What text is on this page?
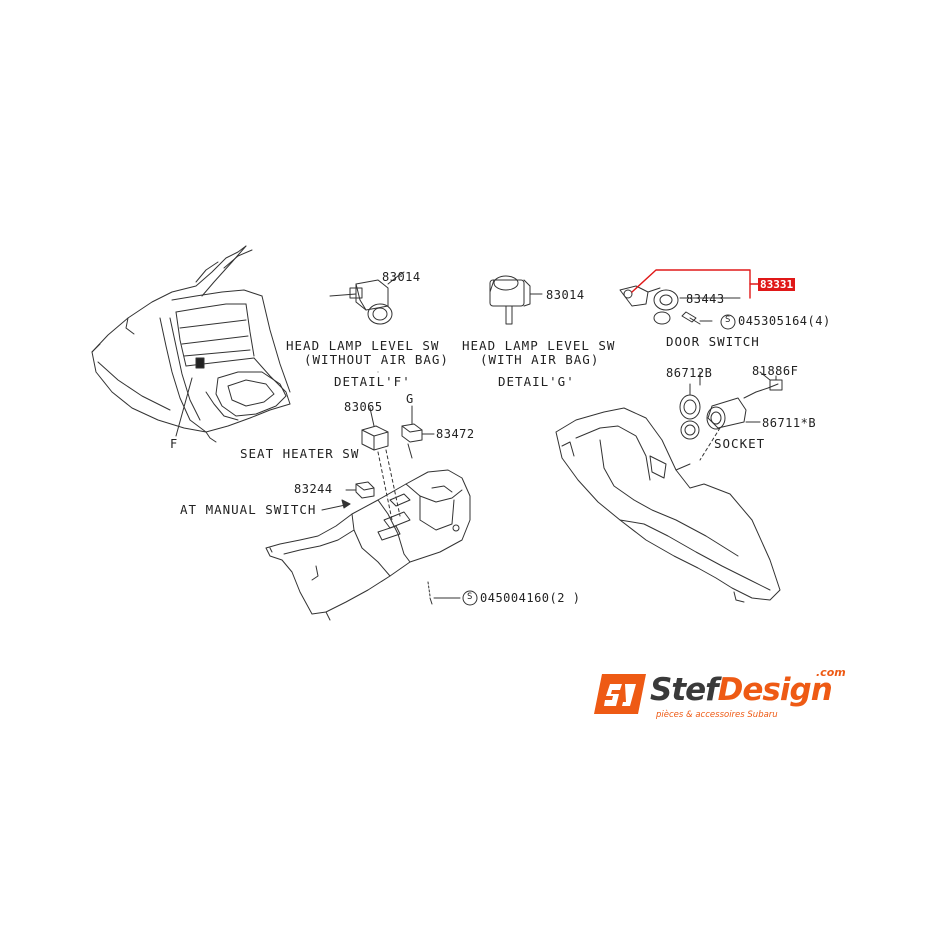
83014
83014
HEAD LAMP LEVEL SW
(WITHOUT AIR BAG)
DETAIL'F'
HEAD LAMP LEVEL SW
(WITH AIR BAG)
DETAIL'G'
83331
83443
S 045305164(4)
DOOR SWITCH
86712B	81886F
86711*B
SOCKET
83065
G
83472
SEAT HEATER SW
83244
AT MANUAL SWITCH
S 045004160(2 )
F
StefDesign
.com
pièces & accessoires Subaru
